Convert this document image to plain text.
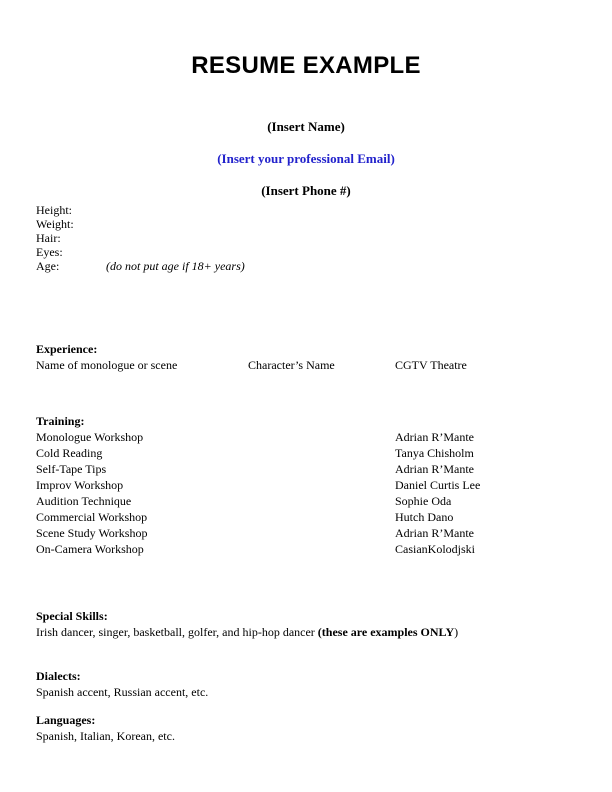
RESUME EXAMPLE
(Insert Name)
(Insert your professional Email)
(Insert Phone #)
Height:
Weight:
Hair:
Eyes:
Age:	(do not put age if 18+ years)
Experience:
Name of monologue or scene	Character’s Name	CGTV Theatre
Training:
Monologue Workshop	Adrian R’Mante
Cold Reading	Tanya Chisholm
Self-Tape Tips	Adrian R’Mante
Improv Workshop	Daniel Curtis Lee
Audition Technique	Sophie Oda
Commercial Workshop	Hutch Dano
Scene Study Workshop	Adrian R’Mante
On-Camera Workshop	CasianKolodjski
Special Skills:
Irish dancer, singer, basketball, golfer, and hip-hop dancer (these are examples ONLY)
Dialects:
Spanish accent, Russian accent, etc.
Languages:
Spanish, Italian, Korean, etc.
